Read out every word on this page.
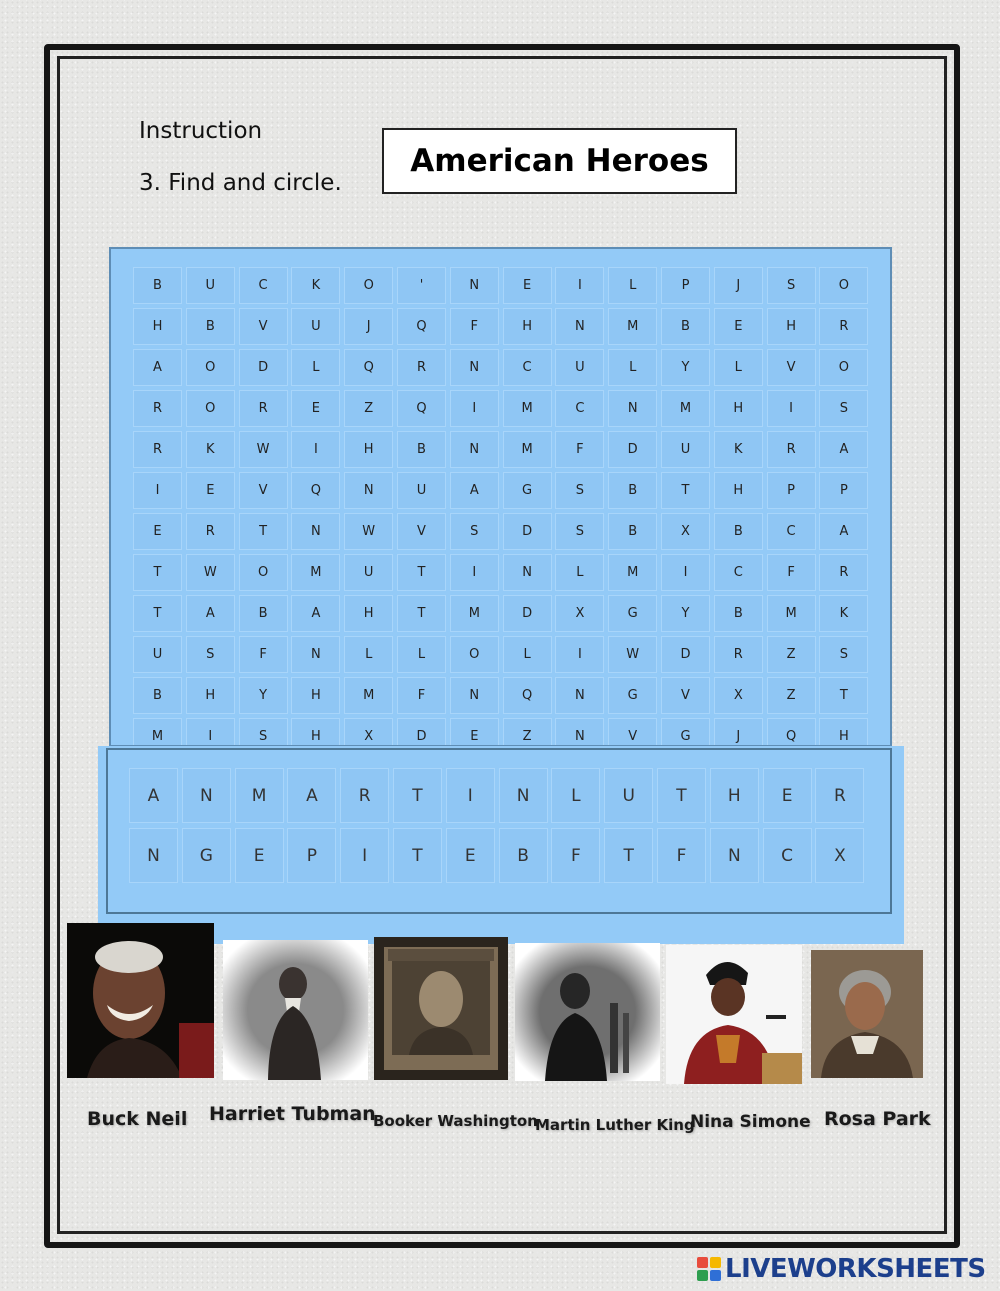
Instruction
3. Find and circle.
American Heroes
B	U	C	K	O	'	N	E	I	L	P	J	S	O
H	B	V	U	J	Q	F	H	N	M	B	E	H	R
A	O	D	L	Q	R	N	C	U	L	Y	L	V	O
R	O	R	E	Z	Q	I	M	C	N	M	H	I	S
R	K	W	I	H	B	N	M	F	D	U	K	R	A
I	E	V	Q	N	U	A	G	S	B	T	H	P	P
E	R	T	N	W	V	S	D	S	B	X	B	C	A
T	W	O	M	U	T	I	N	L	M	I	C	F	R
T	A	B	A	H	T	M	D	X	G	Y	B	M	K
U	S	F	N	L	L	O	L	I	W	D	R	Z	S
B	H	Y	H	M	F	N	Q	N	G	V	X	Z	T
M	I	S	H	X	D	E	Z	N	V	G	J	Q	H
A	N	M	A	R	T	I	N	L	U	T	H	E	R
N	G	E	P	I	T	E	B	F	T	F	N	C	X
Buck Neil Harriet Tubman
Booker Washington
Martin Luther King
Nina Simone Rosa Park
LIVEWORKSHEETS
